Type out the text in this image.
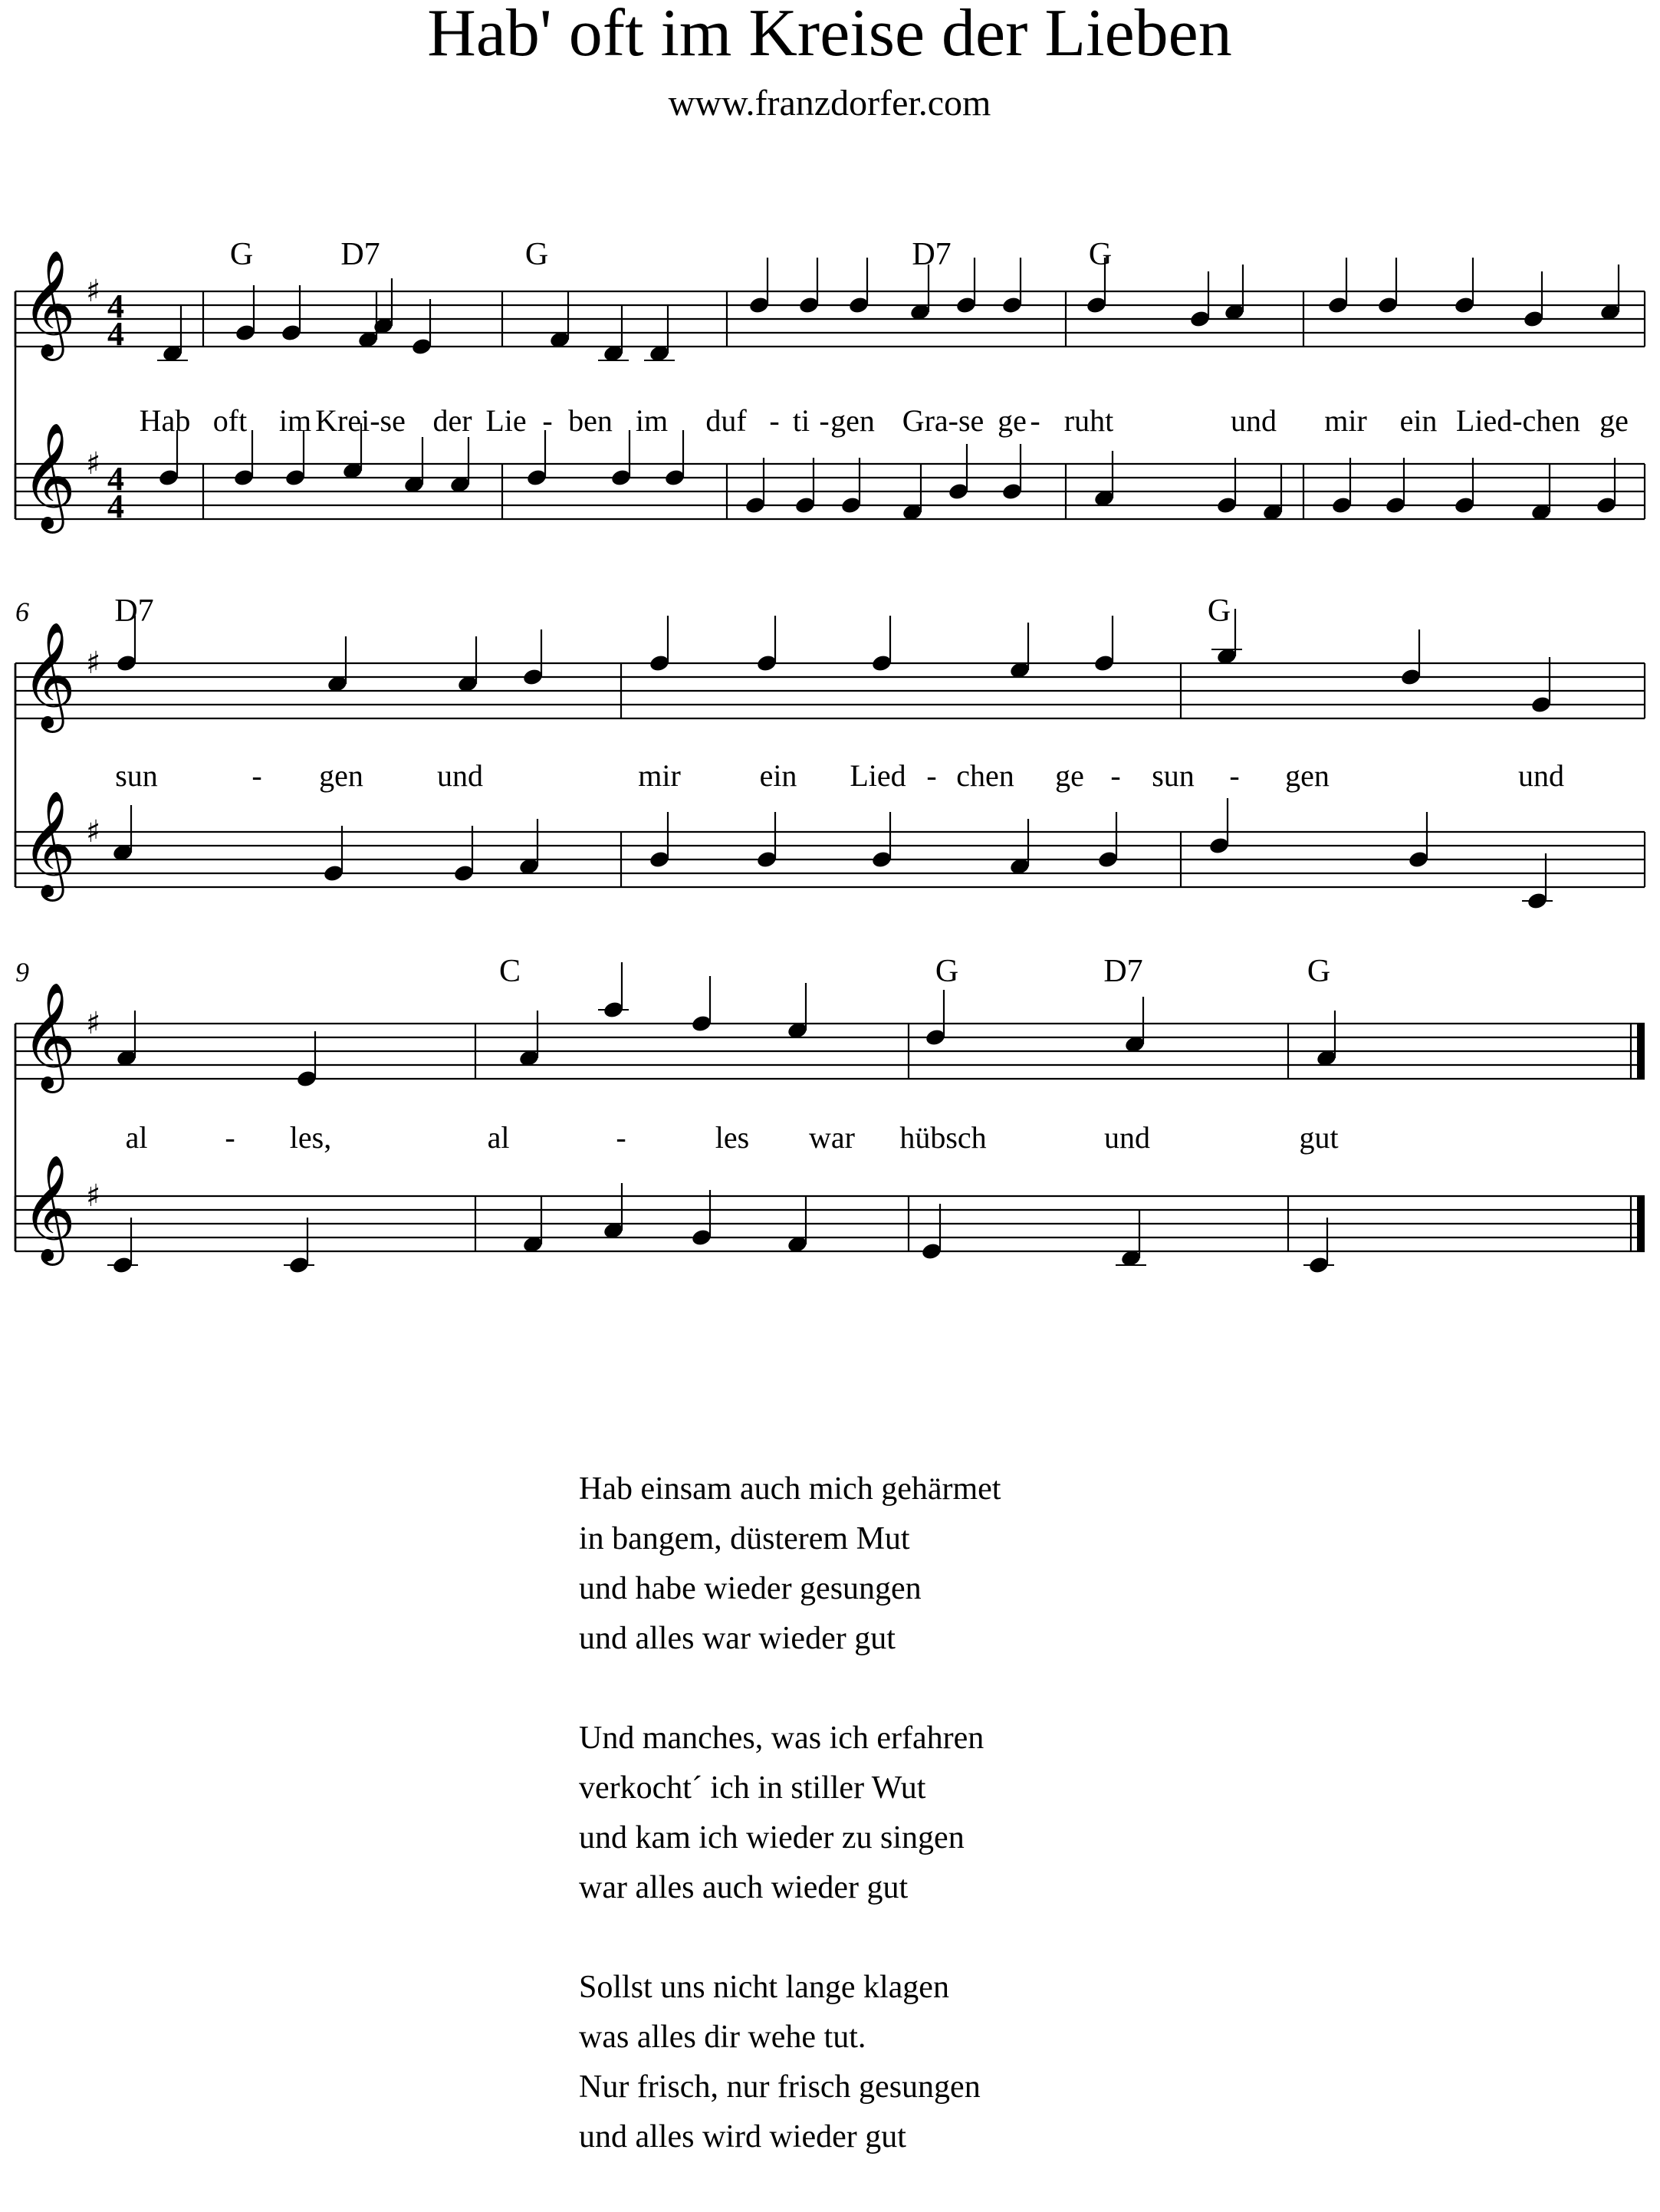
Hab' oft im Kreise der Lieben
www.franzdorfer.com
𝄞 ♯ 4
4
𝄞 ♯ 4
4
G	D7	G	D7	G
Hab oft im Krei-se der Lie - ben im duf - ti - gen Gra-se ge - ruht	und mir ein Lied-chen ge
𝄞 ♯
𝄞 ♯
6	D7	G
sun	- gen und	mir	ein Lied - chen ge - sun - gen	und
𝄞 ♯
𝄞 ♯
9	C	G	D7	G
al	- les,	al	-	les war hübsch	und	gut
Hab einsam auch mich gehärmet
in bangem, düsterem Mut
und habe wieder gesungen
und alles war wieder gut
Und manches, was ich erfahren
verkocht´ ich in stiller Wut
und kam ich wieder zu singen
war alles auch wieder gut
Sollst uns nicht lange klagen
was alles dir wehe tut.
Nur frisch, nur frisch gesungen
und alles wird wieder gut
